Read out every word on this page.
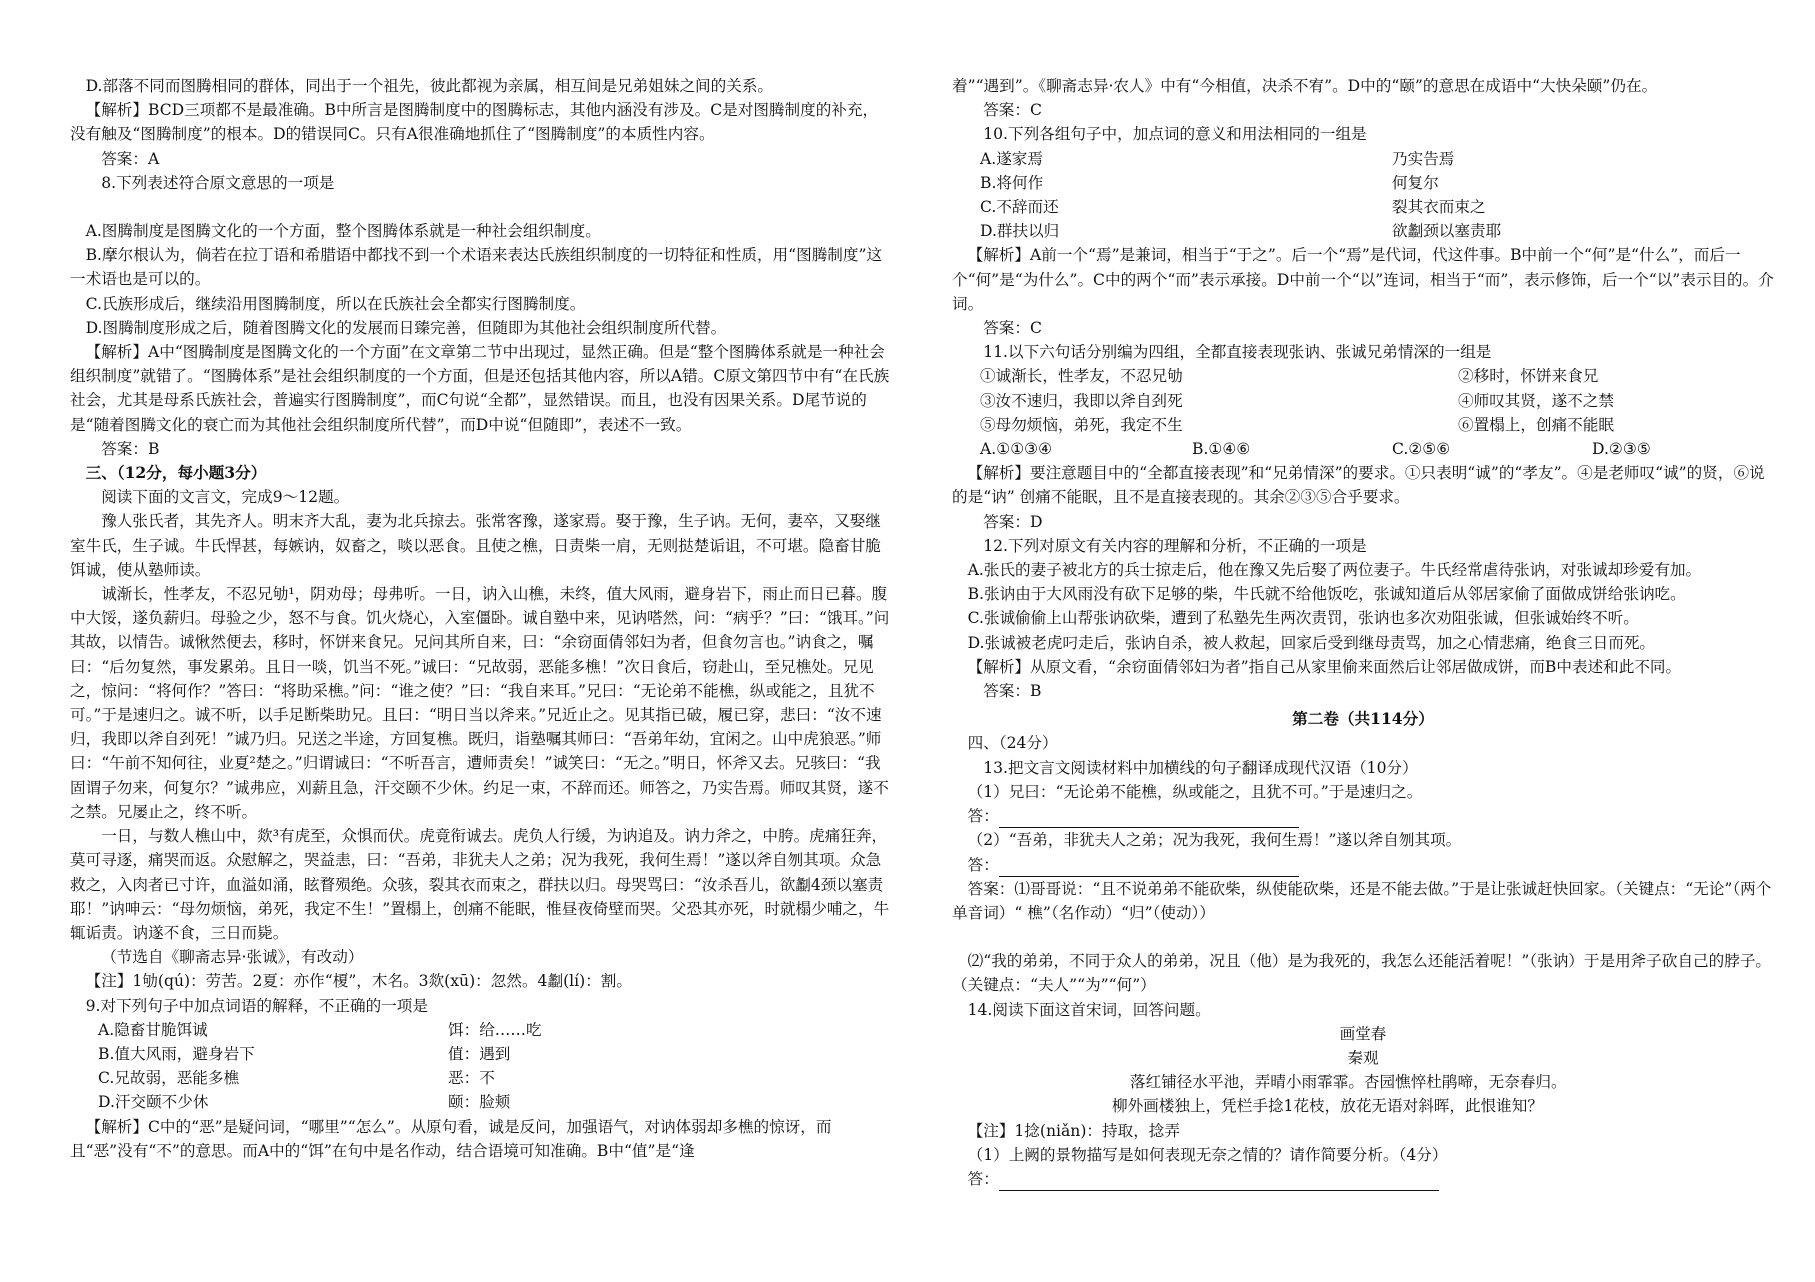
D.部落不同而图腾相同的群体，同出于一个祖先，彼此都视为亲属，相互间是兄弟姐妹之间的关系。

【解析】BCD三项都不是最准确。B中所言是图腾制度中的图腾标志，其他内涵没有涉及。C是对图腾制度的补充，没有触及“图腾制度”的根本。D的错误同C。只有A很准确地抓住了“图腾制度”的本质性内容。

答案：A

8.下列表述符合原文意思的一项是

A.图腾制度是图腾文化的一个方面，整个图腾体系就是一种社会组织制度。

B.摩尔根认为，倘若在拉丁语和希腊语中都找不到一个术语来表达氏族组织制度的一切特征和性质，用“图腾制度”这一术语也是可以的。

C.氏族形成后，继续沿用图腾制度，所以在氏族社会全都实行图腾制度。

D.图腾制度形成之后，随着图腾文化的发展而日臻完善，但随即为其他社会组织制度所代替。

【解析】A中“图腾制度是图腾文化的一个方面”在文章第二节中出现过，显然正确。但是“整个图腾体系就是一种社会组织制度”就错了。“图腾体系”是社会组织制度的一个方面，但是还包括其他内容，所以A错。C原文第四节中有“在氏族社会，尤其是母系氏族社会，普遍实行图腾制度”，而C句说“全都”，显然错误。而且，也没有因果关系。D尾节说的是“随着图腾文化的衰亡而为其他社会组织制度所代替”，而D中说“但随即”，表述不一致。

答案：B

三、（12分，每小题3分）

阅读下面的文言文，完成9～12题。

豫人张氏者，其先齐人。明末齐大乱，妻为北兵掠去。张常客豫，遂家焉。娶于豫，生子讷。无何，妻卒，又娶继室牛氏，生子诚。牛氏悍甚，每嫉讷，奴畜之，啖以恶食。且使之樵，日责柴一肩，无则挞楚诟诅，不可堪。隐畜甘脆饵诚，使从塾师读。

诚渐长，性孝友，不忍兄劬¹，阴劝母；母弗听。一日，讷入山樵，未终，值大风雨，避身岩下，雨止而日已暮。腹中大馁，遂负薪归。母验之少，怒不与食。饥火烧心，入室僵卧。诚自塾中来，见讷嗒然，问：“病乎？”曰：“饿耳。”问其故，以情告。诚愀然便去，移时，怀饼来食兄。兄问其所自来，曰：“余窃面倩邻妇为者，但食勿言也。”讷食之，嘱曰：“后勿复然，事发累弟。且日一啖，饥当不死。”诚曰：“兄故弱，恶能多樵！”次日食后，窃赴山，至兄樵处。兄见之，惊问：“将何作？”答曰：“将助采樵。”问：“谁之使？”曰：“我自来耳。”兄曰：“无论弟不能樵，纵或能之，且犹不可。”于是速归之。诚不听，以手足断柴助兄。且曰：“明日当以斧来。”兄近止之。见其指已破，履已穿，悲曰：“汝不速归，我即以斧自刭死！”诚乃归。兄送之半途，方回复樵。既归，诣塾嘱其师曰：“吾弟年幼，宜闲之。山中虎狼恶。”师曰：“午前不知何往，业夏²楚之。”归谓诚曰：“不听吾言，遭师责矣！”诚笑曰：“无之。”明日，怀斧又去。兄骇曰：“我固谓子勿来，何复尔？”诚弗应，刈薪且急，汗交颐不少休。约足一束，不辞而还。师答之，乃实告焉。师叹其贤，遂不之禁。兄屡止之，终不听。

一日，与数人樵山中，欻³有虎至，众惧而伏。虎竟衔诚去。虎负人行缓，为讷追及。讷力斧之，中胯。虎痛狂奔，莫可寻逐，痛哭而返。众慰解之，哭益恚，曰：“吾弟，非犹夫人之弟；况为我死，我何生焉！”遂以斧自刎其项。众急救之，入肉者已寸许，血溢如涌，眩瞀殒绝。众骇，裂其衣而束之，群扶以归。母哭骂曰：“汝杀吾儿，欲劙4颈以塞责耶！”讷呻云：“母勿烦恼，弟死，我定不生！”置榻上，创痛不能眠，惟昼夜倚壁而哭。父恐其亦死，时就榻少哺之，牛辄诟责。讷遂不食，三日而毙。

（节选自《聊斋志异·张诚》，有改动）

【注】1劬(qú)：劳苦。2夏：亦作“榎”，木名。3欻(xū)：忽然。4劙(lí)：割。

9.对下列句子中加点词语的解释，不正确的一项是

A.隐畜甘脆饵诚	饵：给……吃
B.值大风雨，避身岩下	值：遇到
C.兄故弱，恶能多樵	恶：不
D.汗交颐不少休	颐：脸颊

【解析】C中的“恶”是疑问词，“哪里”“怎么”。从原句看，诚是反问，加强语气，对讷体弱却多樵的惊讶，而且“恶”没有“不”的意思。而A中的“饵”在句中是名作动，结合语境可知准确。B中“值”是“逢

着”“遇到”。《聊斋志异·农人》中有“今相值，决杀不宥”。D中的“颐”的意思在成语中“大快朵颐”仍在。

答案：C

10.下列各组句子中，加点词的意义和用法相同的一组是

A.遂家焉	乃实告焉
B.将何作	何复尔
C.不辞而还	裂其衣而束之
D.群扶以归	欲劙颈以塞责耶

【解析】A前一个“焉”是兼词，相当于“于之”。后一个“焉”是代词，代这件事。B中前一个“何”是“什么”，而后一个“何”是“为什么”。C中的两个“而”表示承接。D中前一个“以”连词，相当于“而”，表示修饰，后一个“以”表示目的。介词。

答案：C

11.以下六句话分别编为四组，全都直接表现张讷、张诚兄弟情深的一组是

①诚渐长，性孝友，不忍兄劬	②移时，怀饼来食兄
③汝不速归，我即以斧自刭死	④师叹其贤，遂不之禁
⑤母勿烦恼，弟死，我定不生	⑥置榻上，创痛不能眠
A.①①③④	B.①④⑥	C.②⑤⑥	D.②③⑤

【解析】要注意题目中的“全都直接表现”和“兄弟情深”的要求。①只表明“诚”的“孝友”。④是老师叹“诚”的贤，⑥说的是“讷” 创痛不能眠，且不是直接表现的。其余②③⑤合乎要求。

答案：D

12.下列对原文有关内容的理解和分析，不正确的一项是

A.张氏的妻子被北方的兵士掠走后，他在豫又先后娶了两位妻子。牛氏经常虐待张讷，对张诚却珍爱有加。

B.张讷由于大风雨没有砍下足够的柴，牛氏就不给他饭吃，张诚知道后从邻居家偷了面做成饼给张讷吃。

C.张诚偷偷上山帮张讷砍柴，遭到了私塾先生两次责罚，张讷也多次劝阻张诚，但张诚始终不听。

D.张诚被老虎叼走后，张讷自杀，被人救起，回家后受到继母责骂，加之心情悲痛，绝食三日而死。

【解析】从原文看，“余窃面倩邻妇为者”指自己从家里偷来面然后让邻居做成饼，而B中表述和此不同。

答案：B

第二卷（共114分）

四、（24分）

13.把文言文阅读材料中加横线的句子翻译成现代汉语（10分）

（1）兄曰：“无论弟不能樵，纵或能之，且犹不可。”于是速归之。

答：

（2）“吾弟，非犹夫人之弟；况为我死，我何生焉！”遂以斧自刎其项。

答：

答案：⑴哥哥说：“且不说弟弟不能砍柴，纵使能砍柴，还是不能去做。”于是让张诚赶快回家。（关键点：“无论”（两个单音词）“ 樵”（名作动）“归”（使动））

⑵“我的弟弟，不同于众人的弟弟，况且（他）是为我死的，我怎么还能活着呢！”（张讷）于是用斧子砍自己的脖子。（关键点：“夫人”“为”“何”）

14.阅读下面这首宋词，回答问题。

画堂春

秦观

落红铺径水平池，弄晴小雨霏霏。杏园憔悴杜鹃啼，无奈春归。

柳外画楼独上，凭栏手捻1花枝，放花无语对斜晖，此恨谁知？

【注】1捻(niǎn)：持取，捻弄

（1）上阙的景物描写是如何表现无奈之情的？请作简要分析。（4分）

答：
